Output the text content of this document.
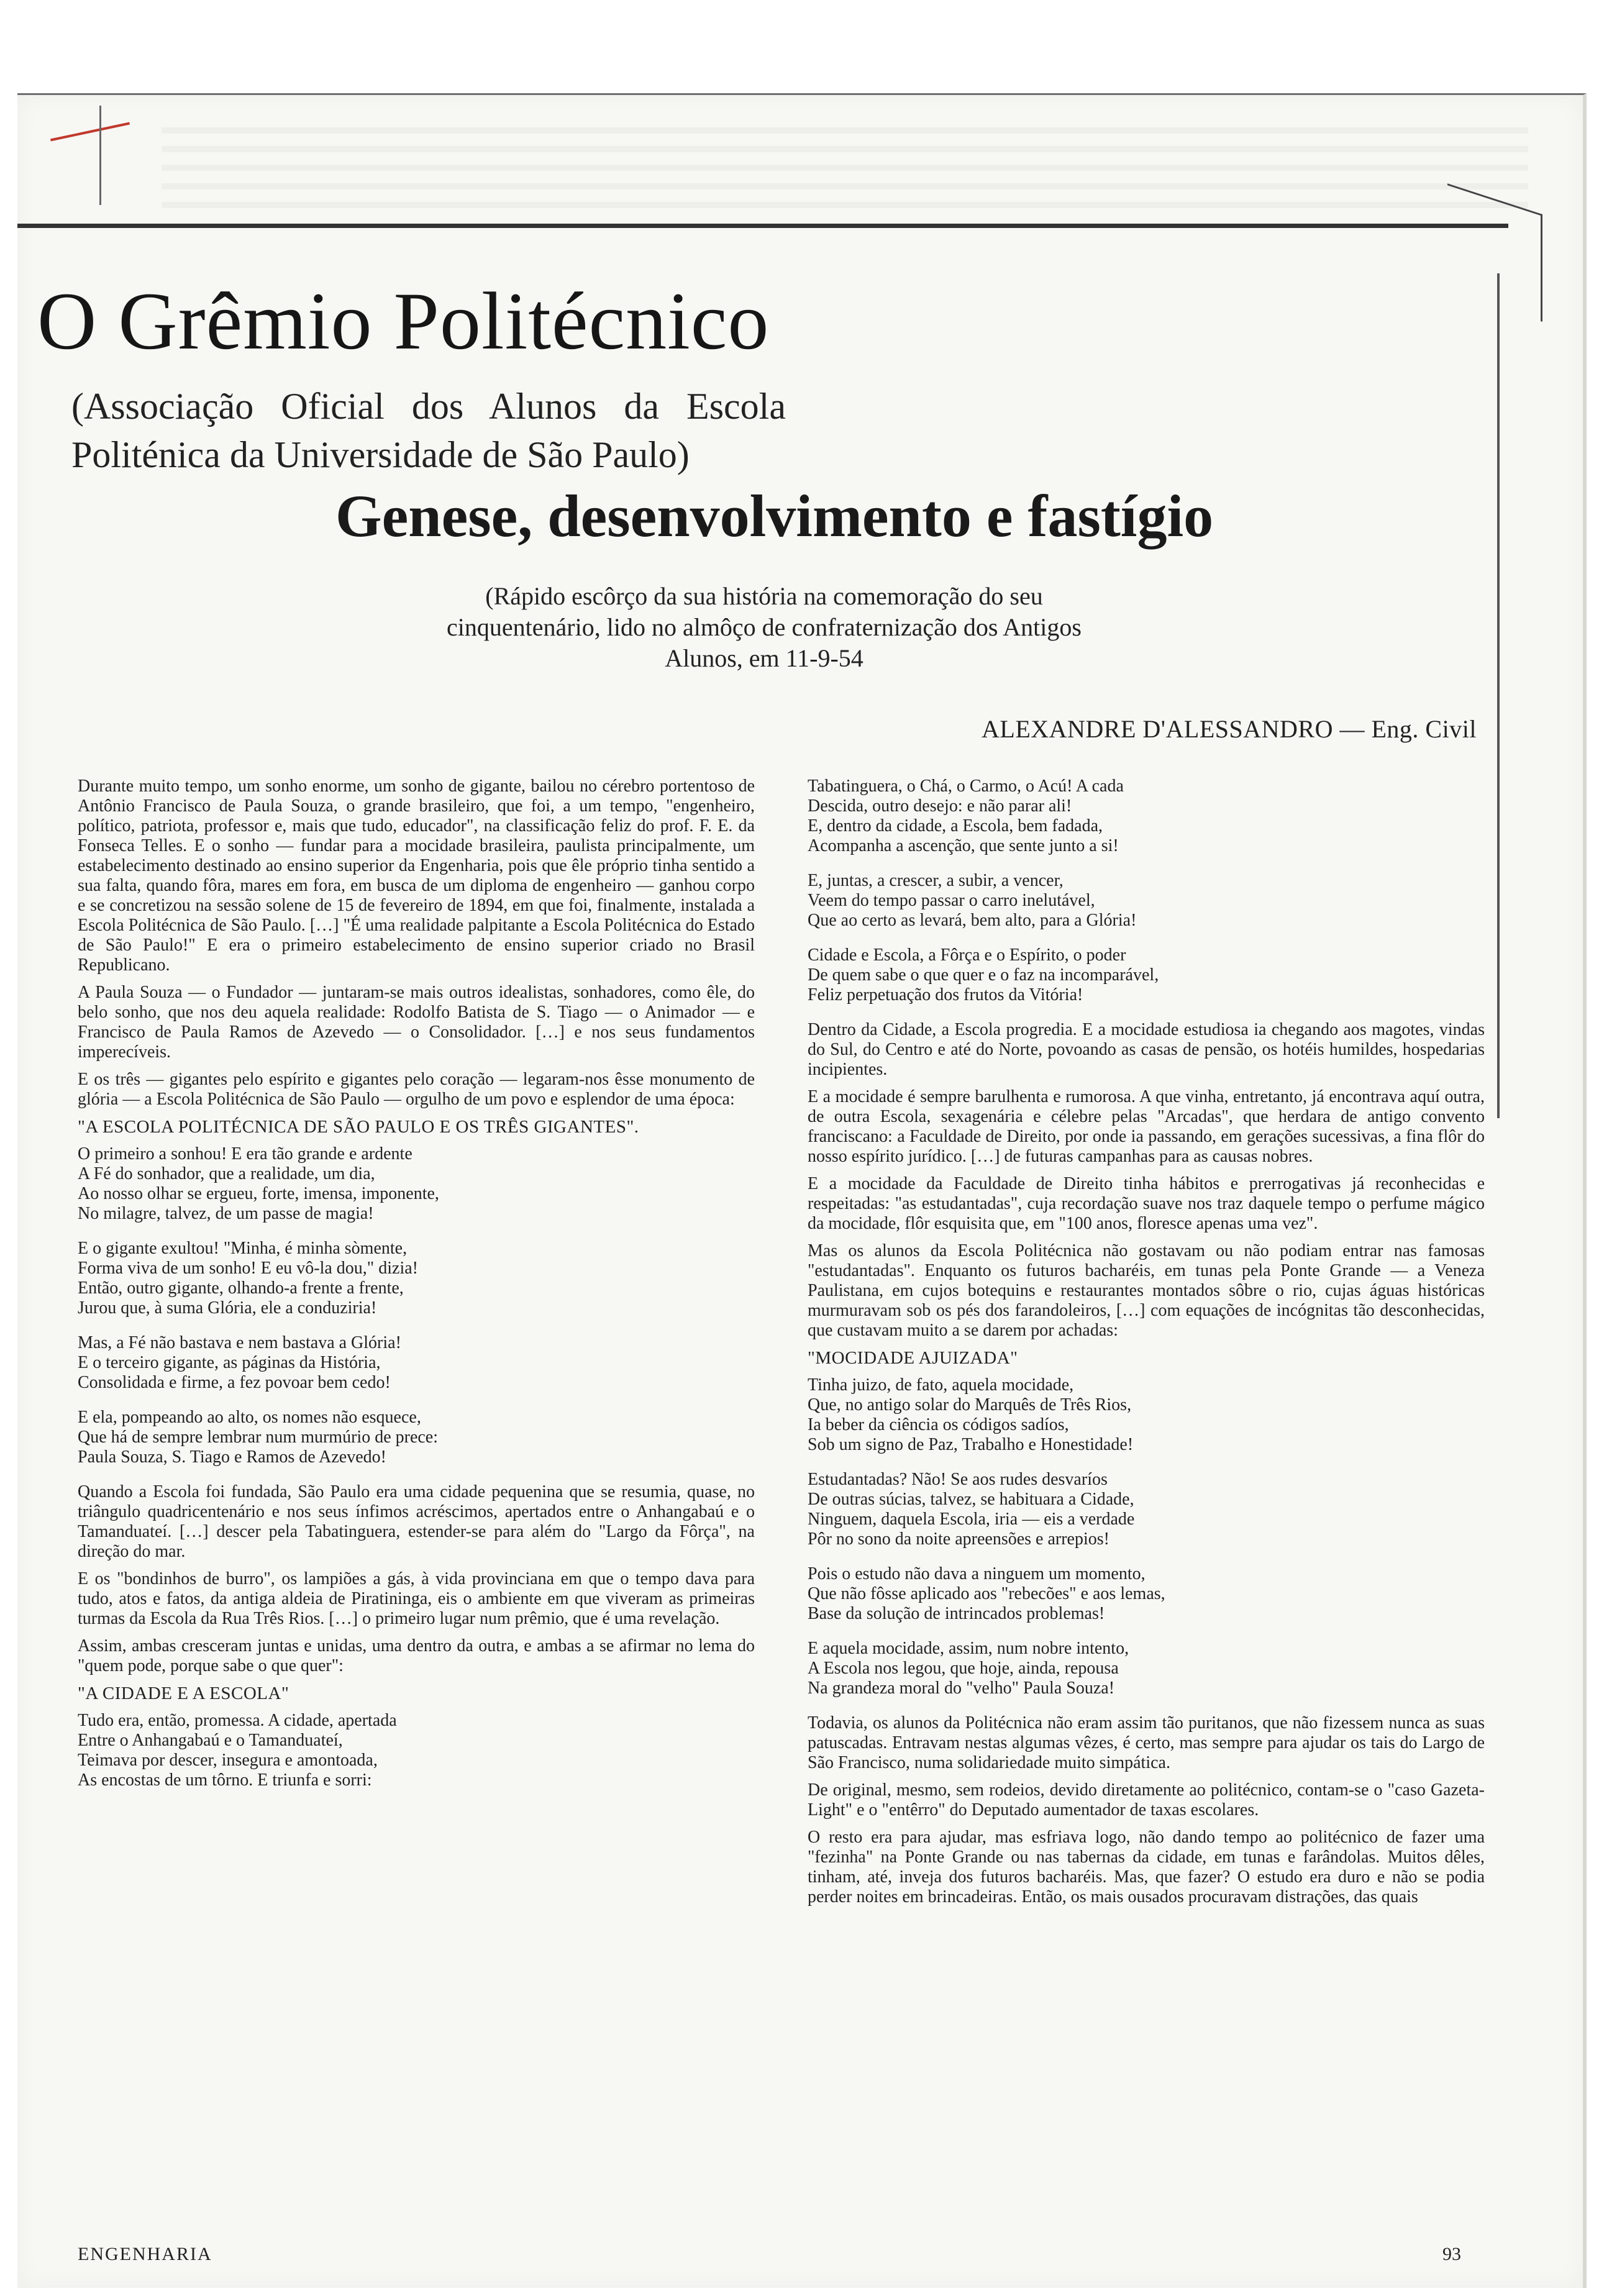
O Grêmio Politécnico

(Associação Oficial dos Alunos da Escola Politénica da Universidade de São Paulo)

Genese, desenvolvimento e fastígio

(Rápido escôrço da sua história na comemoração do seu cinquentenário, lido no almôço de confraternização dos Antigos Alunos, em 11-9-54

ALEXANDRE D'ALESSANDRO — Eng. Civil

Durante muito tempo, um sonho enorme, um sonho de gigante, bailou no cérebro portentoso de Antônio Francisco de Paula Souza, o grande brasileiro, que foi, a um tempo, "engenheiro, político, patriota, professor e, mais que tudo, educador", na classificação feliz do prof. F. E. da Fonseca Telles. E o sonho — fundar para a mocidade brasileira, paulista principalmente, um estabelecimento destinado ao ensino superior da Engenharia, pois que êle próprio tinha sentido a sua falta, quando fôra, mares em fora, em busca de um diploma de engenheiro — ganhou corpo e se concretizou na sessão solene de 15 de fevereiro de 1894, em que foi, finalmente, instalada a Escola Politécnica de São Paulo. […] "É uma realidade palpitante a Escola Politécnica do Estado de São Paulo!" E era o primeiro estabelecimento de ensino superior criado no Brasil Republicano.

A Paula Souza — o Fundador — juntaram-se mais outros idealistas, sonhadores, como êle, do belo sonho, que nos deu aquela realidade: Rodolfo Batista de S. Tiago — o Animador — e Francisco de Paula Ramos de Azevedo — o Consolidador. […] e nos seus fundamentos imperecíveis.

E os três — gigantes pelo espírito e gigantes pelo coração — legaram-nos êsse monumento de glória — a Escola Politécnica de São Paulo — orgulho de um povo e esplendor de uma época:

"A ESCOLA POLITÉCNICA DE SÃO PAULO E OS TRÊS GIGANTES".

O primeiro a sonhou! E era tão grande e ardente

A Fé do sonhador, que a realidade, um dia,

Ao nosso olhar se ergueu, forte, imensa, imponente,

No milagre, talvez, de um passe de magia!

E o gigante exultou! "Minha, é minha sòmente,

Forma viva de um sonho! E eu vô-la dou," dizia!

Então, outro gigante, olhando-a frente a frente,

Jurou que, à suma Glória, ele a conduziria!

Mas, a Fé não bastava e nem bastava a Glória!

E o terceiro gigante, as páginas da História,

Consolidada e firme, a fez povoar bem cedo!

E ela, pompeando ao alto, os nomes não esquece,

Que há de sempre lembrar num murmúrio de prece:

Paula Souza, S. Tiago e Ramos de Azevedo!

Quando a Escola foi fundada, São Paulo era uma cidade pequenina que se resumia, quase, no triângulo quadricentenário e nos seus ínfimos acréscimos, apertados entre o Anhangabaú e o Tamanduateí. […] descer pela Tabatinguera, estender-se para além do "Largo da Fôrça", na direção do mar.

E os "bondinhos de burro", os lampiões a gás, à vida provinciana em que o tempo dava para tudo, atos e fatos, da antiga aldeia de Piratininga, eis o ambiente em que viveram as primeiras turmas da Escola da Rua Três Rios. […] o primeiro lugar num prêmio, que é uma revelação.

Assim, ambas cresceram juntas e unidas, uma dentro da outra, e ambas a se afirmar no lema do "quem pode, porque sabe o que quer":

"A CIDADE E A ESCOLA"

Tudo era, então, promessa. A cidade, apertada

Entre o Anhangabaú e o Tamanduateí,

Teimava por descer, insegura e amontoada,

As encostas de um tôrno. E triunfa e sorri:

Tabatinguera, o Chá, o Carmo, o Acú! A cada

Descida, outro desejo: e não parar ali!

E, dentro da cidade, a Escola, bem fadada,

Acompanha a ascenção, que sente junto a si!

E, juntas, a crescer, a subir, a vencer,

Veem do tempo passar o carro inelutável,

Que ao certo as levará, bem alto, para a Glória!

Cidade e Escola, a Fôrça e o Espírito, o poder

De quem sabe o que quer e o faz na incomparável,

Feliz perpetuação dos frutos da Vitória!

Dentro da Cidade, a Escola progredia. E a mocidade estudiosa ia chegando aos magotes, vindas do Sul, do Centro e até do Norte, povoando as casas de pensão, os hotéis humildes, hospedarias incipientes.

E a mocidade é sempre barulhenta e rumorosa. A que vinha, entretanto, já encontrava aquí outra, de outra Escola, sexagenária e célebre pelas "Arcadas", que herdara de antigo convento franciscano: a Faculdade de Direito, por onde ia passando, em gerações sucessivas, a fina flôr do nosso espírito jurídico. […] de futuras campanhas para as causas nobres.

E a mocidade da Faculdade de Direito tinha hábitos e prerrogativas já reconhecidas e respeitadas: "as estudantadas", cuja recordação suave nos traz daquele tempo o perfume mágico da mocidade, flôr esquisita que, em "100 anos, floresce apenas uma vez".

Mas os alunos da Escola Politécnica não gostavam ou não podiam entrar nas famosas "estudantadas". Enquanto os futuros bacharéis, em tunas pela Ponte Grande — a Veneza Paulistana, em cujos botequins e restaurantes montados sôbre o rio, cujas águas históricas murmuravam sob os pés dos farandoleiros, […] com equações de incógnitas tão desconhecidas, que custavam muito a se darem por achadas:

"MOCIDADE AJUIZADA"

Tinha juizo, de fato, aquela mocidade,

Que, no antigo solar do Marquês de Três Rios,

Ia beber da ciência os códigos sadíos,

Sob um signo de Paz, Trabalho e Honestidade!

Estudantadas? Não! Se aos rudes desvaríos

De outras súcias, talvez, se habituara a Cidade,

Ninguem, daquela Escola, iria — eis a verdade

Pôr no sono da noite apreensões e arrepios!

Pois o estudo não dava a ninguem um momento,

Que não fôsse aplicado aos "rebecões" e aos lemas,

Base da solução de intrincados problemas!

E aquela mocidade, assim, num nobre intento,

A Escola nos legou, que hoje, ainda, repousa

Na grandeza moral do "velho" Paula Souza!

Todavia, os alunos da Politécnica não eram assim tão puritanos, que não fizessem nunca as suas patuscadas. Entravam nestas algumas vêzes, é certo, mas sempre para ajudar os tais do Largo de São Francisco, numa solidariedade muito simpática.

De original, mesmo, sem rodeios, devido diretamente ao politécnico, contam-se o "caso Gazeta-Light" e o "entêrro" do Deputado aumentador de taxas escolares.

O resto era para ajudar, mas esfriava logo, não dando tempo ao politécnico de fazer uma "fezinha" na Ponte Grande ou nas tabernas da cidade, em tunas e farândolas. Muitos dêles, tinham, até, inveja dos futuros bacharéis. Mas, que fazer? O estudo era duro e não se podia perder noites em brincadeiras. Então, os mais ousados procuravam distrações, das quais

ENGENHARIA	93
